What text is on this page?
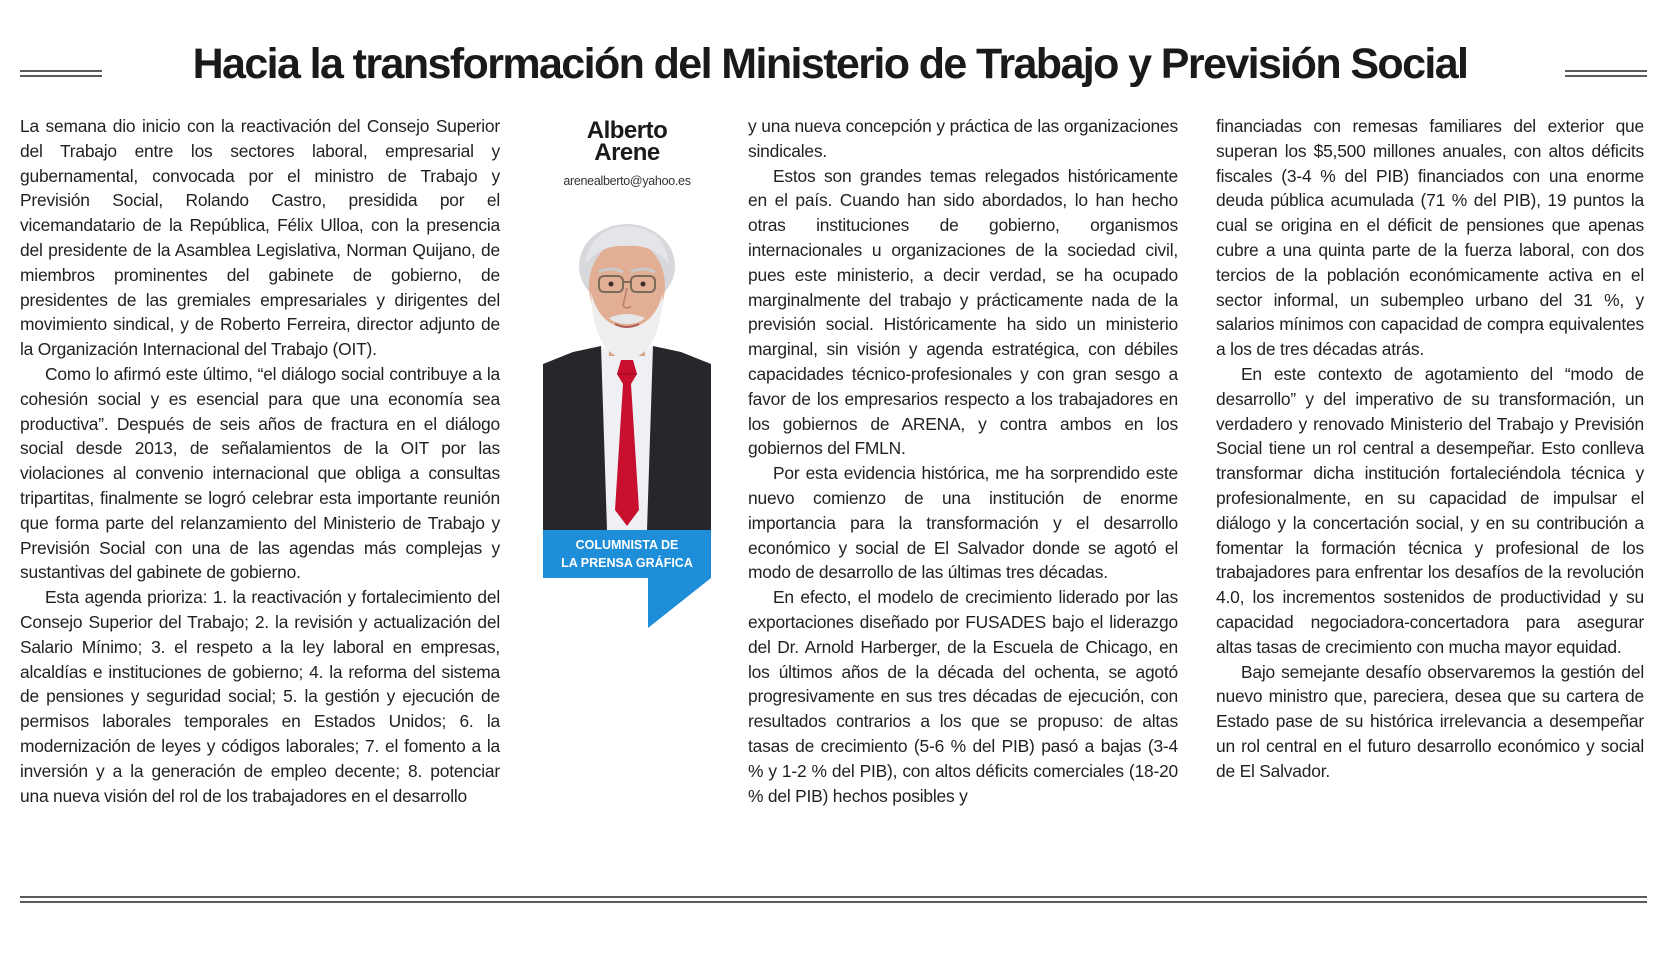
Hacia la transformación del Ministerio de Trabajo y Previsión Social

La semana dio inicio con la reactivación del Consejo Superior del Trabajo entre los sectores laboral, empresarial y gubernamental, convocada por el ministro de Trabajo y Previsión Social, Rolando Castro, presidida por el vicemandatario de la República, Félix Ulloa, con la presencia del presidente de la Asamblea Legislativa, Norman Quijano, de miembros prominentes del gabinete de gobierno, de presidentes de las gremiales empresariales y dirigentes del movimiento sindical, y de Roberto Ferreira, director adjunto de la Organización Internacional del Trabajo (OIT).

Como lo afirmó este último, “el diálogo social contribuye a la cohesión social y es esencial para que una economía sea productiva”. Después de seis años de fractura en el diálogo social desde 2013, de señalamientos de la OIT por las violaciones al convenio internacional que obliga a consultas tripartitas, finalmente se logró celebrar esta importante reunión que forma parte del relanzamiento del Ministerio de Trabajo y Previsión Social con una de las agendas más complejas y sustantivas del gabinete de gobierno.

Esta agenda prioriza: 1. la reactivación y fortalecimiento del Consejo Superior del Trabajo; 2. la revisión y actualización del Salario Mínimo; 3. el respeto a la ley laboral en empresas, alcaldías e instituciones de gobierno; 4. la reforma del sistema de pensiones y seguridad social; 5. la gestión y ejecución de permisos laborales temporales en Estados Unidos; 6. la modernización de leyes y códigos laborales; 7. el fomento a la inversión y a la generación de empleo decente; 8. potenciar una nueva visión del rol de los trabajadores en el desarrollo

Alberto
Arene
arenealberto@yahoo.es
COLUMNISTA DE
LA PRENSA GRÁFICA

y una nueva concepción y práctica de las organizaciones sindicales.

Estos son grandes temas relegados históricamente en el país. Cuando han sido abordados, lo han hecho otras instituciones de gobierno, organismos internacionales u organizaciones de la sociedad civil, pues este ministerio, a decir verdad, se ha ocupado marginalmente del trabajo y prácticamente nada de la previsión social. Históricamente ha sido un ministerio marginal, sin visión y agenda estratégica, con débiles capacidades técnico-profesionales y con gran sesgo a favor de los empresarios respecto a los trabajadores en los gobiernos de ARENA, y contra ambos en los gobiernos del FMLN.

Por esta evidencia histórica, me ha sorprendido este nuevo comienzo de una institución de enorme importancia para la transformación y el desarrollo económico y social de El Salvador donde se agotó el modo de desarrollo de las últimas tres décadas.

En efecto, el modelo de crecimiento liderado por las exportaciones diseñado por FUSADES bajo el liderazgo del Dr. Arnold Harberger, de la Escuela de Chicago, en los últimos años de la década del ochenta, se agotó progresivamente en sus tres décadas de ejecución, con resultados contrarios a los que se propuso: de altas tasas de crecimiento (5-6 % del PIB) pasó a bajas (3-4 % y 1-2 % del PIB), con altos déficits comerciales (18-20 % del PIB) hechos posibles y

financiadas con remesas familiares del exterior que superan los $5,500 millones anuales, con altos déficits fiscales (3-4 % del PIB) financiados con una enorme deuda pública acumulada (71 % del PIB), 19 puntos la cual se origina en el déficit de pensiones que apenas cubre a una quinta parte de la fuerza laboral, con dos tercios de la población económicamente activa en el sector informal, un subempleo urbano del 31 %, y salarios mínimos con capacidad de compra equivalentes a los de tres décadas atrás.

En este contexto de agotamiento del “modo de desarrollo” y del imperativo de su transformación, un verdadero y renovado Ministerio del Trabajo y Previsión Social tiene un rol central a desempeñar. Esto conlleva transformar dicha institución fortaleciéndola técnica y profesionalmente, en su capacidad de impulsar el diálogo y la concertación social, y en su contribución a fomentar la formación técnica y profesional de los trabajadores para enfrentar los desafíos de la revolución 4.0, los incrementos sostenidos de productividad y su capacidad negociadora-concertadora para asegurar altas tasas de crecimiento con mucha mayor equidad.

Bajo semejante desafío observaremos la gestión del nuevo ministro que, pareciera, desea que su cartera de Estado pase de su histórica irrelevancia a desempeñar un rol central en el futuro desarrollo económico y social de El Salvador.
